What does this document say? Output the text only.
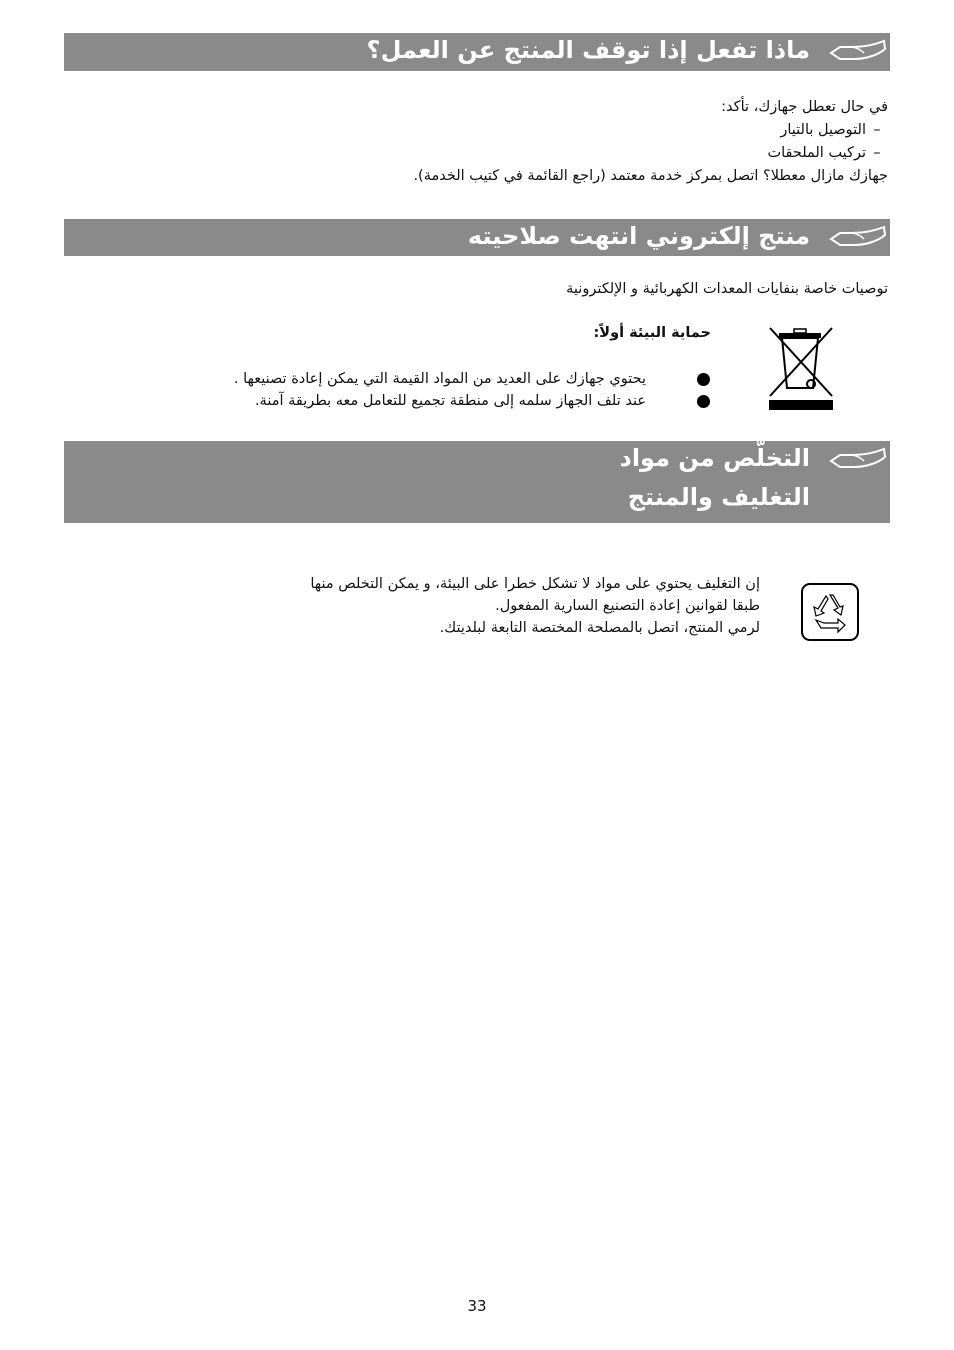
ماذا تفعل إذا توقف المنتج عن العمل؟
في حال تعطل جهازك، تأكد:
–التوصيل بالتيار
–تركيب الملحقات
جهازك مازال معطلا؟ اتصل بمركز خدمة معتمد (راجع القائمة في كتيب الخدمة).
منتج إلكتروني انتهت صلاحيته
توصيات خاصة بنفايات المعدات الكهربائية و الإلكترونية
حماية البيئة أولاً:
يحتوي جهازك على العديد من المواد القيمة التي يمكن إعادة تصنيعها .
عند تلف الجهاز سلمه إلى منطقة تجميع للتعامل معه بطريقة آمنة.
التخلّص من مواد
التغليف والمنتج
إن التغليف يحتوي على مواد لا تشكل خطرا على البيئة، و يمكن التخلص منها
طبقا لقوانين إعادة التصنيع السارية المفعول.
لرمي المنتج، اتصل بالمصلحة المختصة التابعة لبلديتك.
33
